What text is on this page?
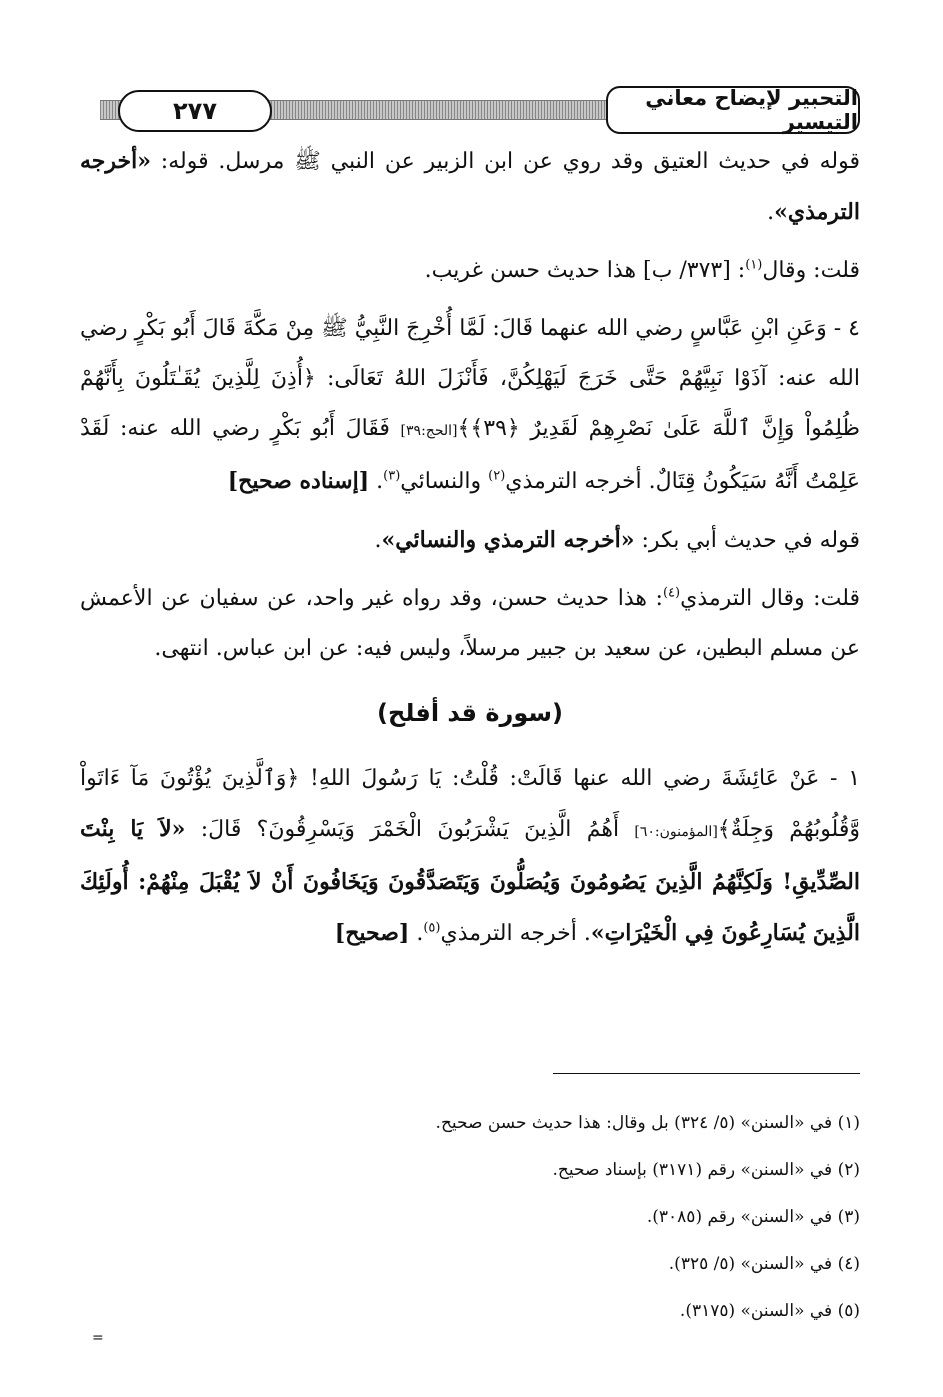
٢٧٧	التحبير لإيضاح معاني التيسير

قوله في حديث العتيق وقد روي عن ابن الزبير عن النبي ﷺ مرسل. قوله: «أخرجه الترمذي».

قلت: وقال$^{(١)}$: [٣٧٣/ ب] هذا حديث حسن غريب.

٤ - وَعَنِ ابْنِ عَبَّاسٍ رضي الله عنهما قَالَ: لَمَّا أُخْرِجَ النَّبِيُّ ﷺ مِنْ مَكَّةَ قَالَ أَبُو بَكْرٍ رضي الله عنه: آذَوْا نَبِيَّهُمْ حَتَّى خَرَجَ لَيَهْلِكُنَّ، فَأَنْزَلَ اللهُ تَعَالَى: ﴿أُذِنَ لِلَّذِينَ يُقَـٰتَلُونَ بِأَنَّهُمْ ظُلِمُواْ وَإِنَّ ٱللَّهَ عَلَىٰ نَصْرِهِمْ لَقَدِيرٌ ﴿٣٩﴾﴾[الحج:٣٩] فَقَالَ أَبُو بَكْرٍ رضي الله عنه: لَقَدْ عَلِمْتُ أَنَّهُ سَيَكُونُ قِتَالٌ. أخرجه الترمذي$^{(٢)}$ والنسائي$^{(٣)}$. [إسناده صحيح]

قوله في حديث أبي بكر: «أخرجه الترمذي والنسائي».

قلت: وقال الترمذي$^{(٤)}$: هذا حديث حسن، وقد رواه غير واحد، عن سفيان عن الأعمش عن مسلم البطين، عن سعيد بن جبير مرسلاً، وليس فيه: عن ابن عباس. انتهى.

(سورة قد أفلح)

١ - عَنْ عَائِشَةَ رضي الله عنها قَالَتْ: قُلْتُ: يَا رَسُولَ اللهِ! ﴿وَٱلَّذِينَ يُؤْتُونَ مَآ ءَاتَواْ وَّقُلُوبُهُمْ وَجِلَةٌ﴾[المؤمنون:٦٠] أَهُمُ الَّذِينَ يَشْرَبُونَ الْخَمْرَ وَيَسْرِقُونَ؟ قَالَ: «لاَ يَا بِنْتَ الصِّدِّيقِ! وَلَكِنَّهُمُ الَّذِينَ يَصُومُونَ وَيُصَلُّونَ وَيَتَصَدَّقُونَ وَيَخَافُونَ أَنْ لاَ يُقْبَلَ مِنْهُمْ: أُولَئِكَ الَّذِينَ يُسَارِعُونَ فِي الْخَيْرَاتِ». أخرجه الترمذي$^{(٥)}$. [صحيح]

(١) في «السنن» (٥/ ٣٢٤) بل وقال: هذا حديث حسن صحيح.
(٢) في «السنن» رقم (٣١٧١) بإسناد صحيح.
(٣) في «السنن» رقم (٣٠٨٥).
(٤) في «السنن» (٥/ ٣٢٥).
(٥) في «السنن» (٣١٧٥).
=
